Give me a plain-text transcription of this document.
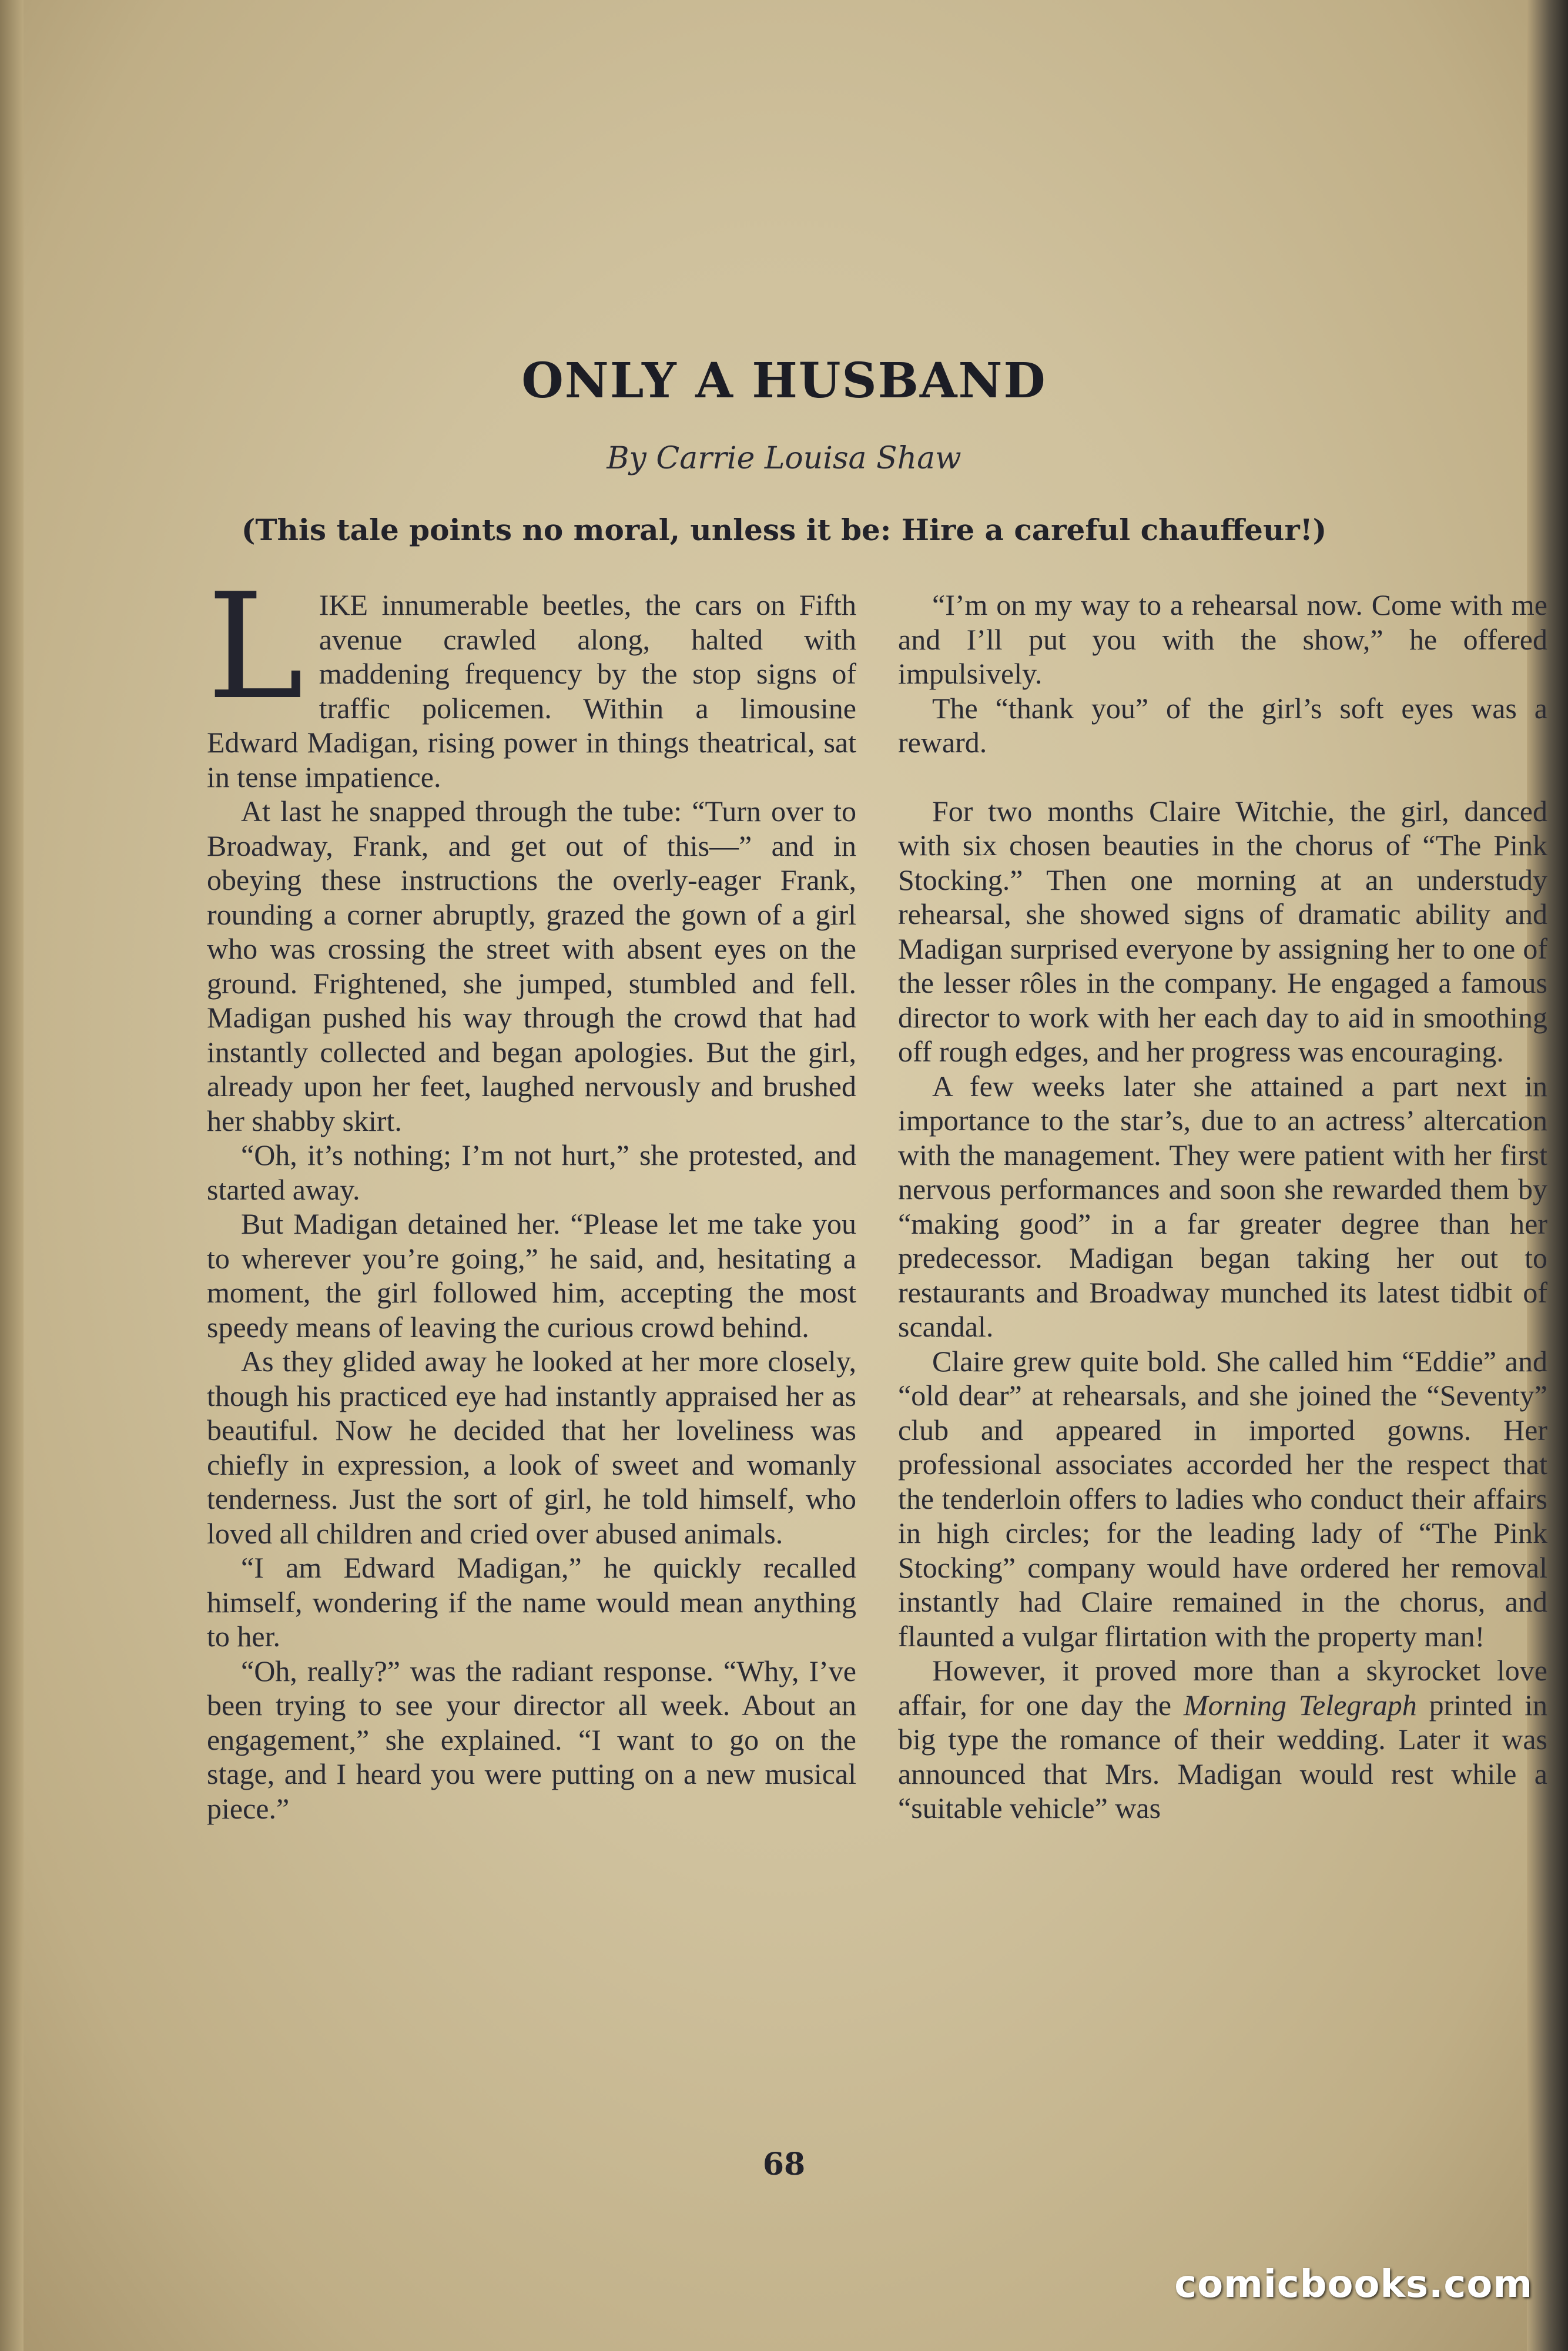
ONLY A HUSBAND
By Carrie Louisa Shaw
(This tale points no moral, unless it be: Hire a careful chauffeur!)

LIKE innumerable beetles, the cars on Fifth avenue crawled along, halted with maddening frequency by the stop signs of traffic policemen. Within a limousine Edward Madigan, rising power in things theatrical, sat in tense impatience.

At last he snapped through the tube: “Turn over to Broadway, Frank, and get out of this—” and in obeying these instructions the overly-eager Frank, rounding a corner abruptly, grazed the gown of a girl who was crossing the street with absent eyes on the ground. Frightened, she jumped, stumbled and fell. Madigan pushed his way through the crowd that had instantly collected and began apologies. But the girl, already upon her feet, laughed nervously and brushed her shabby skirt.

“Oh, it’s nothing; I’m not hurt,” she protested, and started away.

But Madigan detained her. “Please let me take you to wherever you’re going,” he said, and, hesitating a moment, the girl followed him, accepting the most speedy means of leaving the curious crowd behind.

As they glided away he looked at her more closely, though his practiced eye had instantly appraised her as beautiful. Now he decided that her loveliness was chiefly in expression, a look of sweet and womanly tenderness. Just the sort of girl, he told himself, who loved all children and cried over abused animals.

“I am Edward Madigan,” he quickly recalled himself, wondering if the name would mean anything to her.

“Oh, really?” was the radiant response. “Why, I’ve been trying to see your director all week. About an engagement,” she explained. “I want to go on the stage, and I heard you were putting on a new musical piece.”

“I’m on my way to a rehearsal now. Come with me and I’ll put you with the show,” he offered impulsively.

The “thank you” of the girl’s soft eyes was a reward.

For two months Claire Witchie, the girl, danced with six chosen beauties in the chorus of “The Pink Stocking.” Then one morning at an understudy rehearsal, she showed signs of dramatic ability and Madigan surprised everyone by assigning her to one of the lesser rôles in the company. He engaged a famous director to work with her each day to aid in smoothing off rough edges, and her progress was encouraging.

A few weeks later she attained a part next in importance to the star’s, due to an actress’ altercation with the management. They were patient with her first nervous performances and soon she rewarded them by “making good” in a far greater degree than her predecessor. Madigan began taking her out to restaurants and Broadway munched its latest tidbit of scandal.

Claire grew quite bold. She called him “Eddie” and “old dear” at rehearsals, and she joined the “Seventy” club and appeared in imported gowns. Her professional associates accorded her the respect that the tenderloin offers to ladies who conduct their affairs in high circles; for the leading lady of “The Pink Stocking” company would have ordered her removal instantly had Claire remained in the chorus, and flaunted a vulgar flirtation with the property man!

However, it proved more than a skyrocket love affair, for one day the Morning Telegraph printed in big type the romance of their wedding. Later it was announced that Mrs. Madigan would rest while a “suitable vehicle” was

68
comicbooks.com
